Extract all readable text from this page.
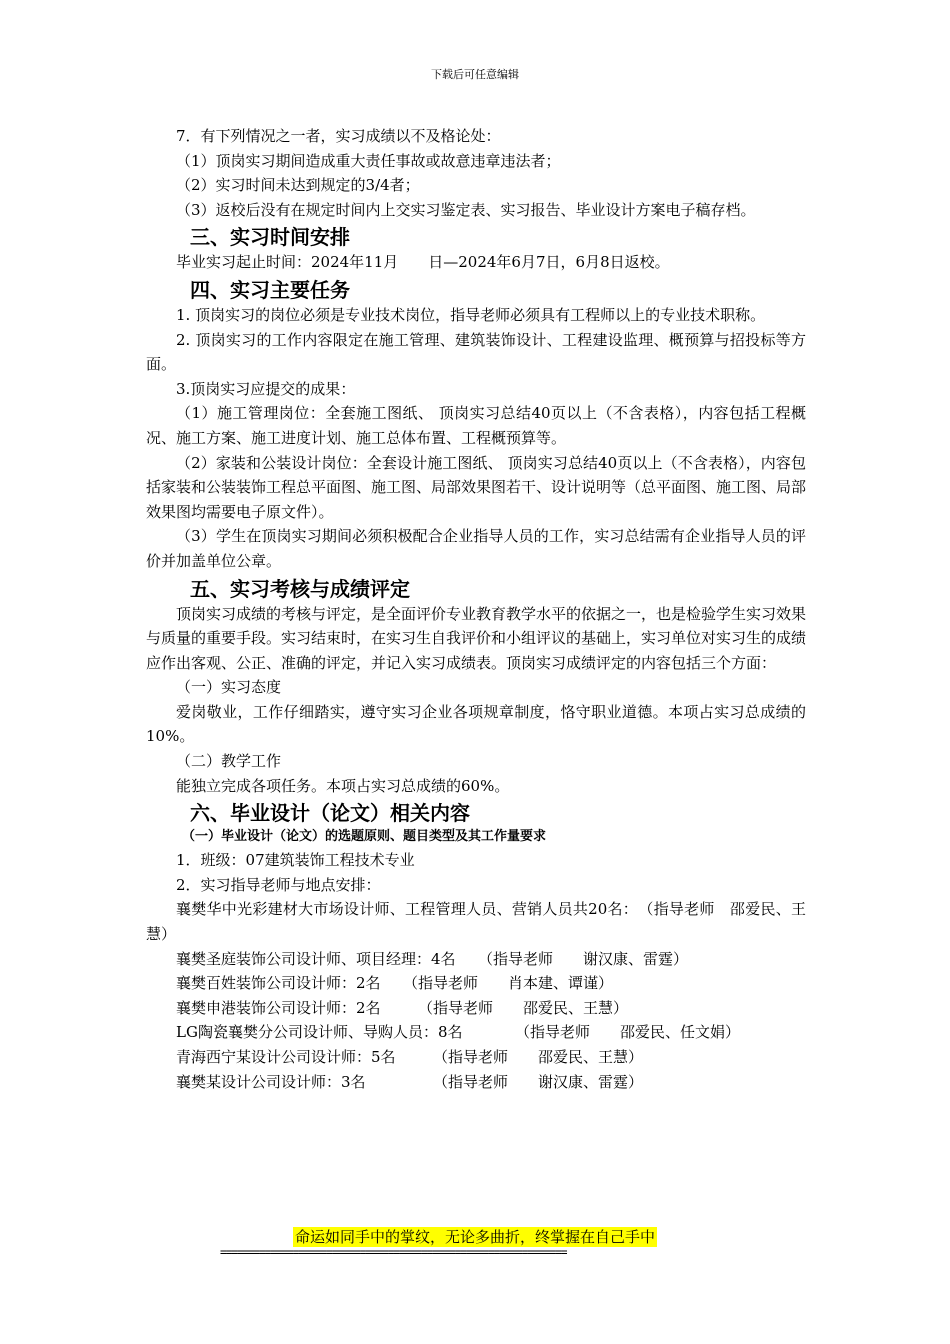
下载后可任意编辑

7．有下列情况之一者，实习成绩以不及格论处：

（1）顶岗实习期间造成重大责任事故或故意违章违法者；

（2）实习时间未达到规定的3/4者；

（3）返校后没有在规定时间内上交实习鉴定表、实习报告、毕业设计方案电子稿存档。

三、实习时间安排

毕业实习起止时间：2024年11月　　日—2024年6月7日，6月8日返校。

四、实习主要任务

1. 顶岗实习的岗位必须是专业技术岗位，指导老师必须具有工程师以上的专业技术职称。

2. 顶岗实习的工作内容限定在施工管理、建筑装饰设计、工程建设监理、概预算与招投标等方面。

3.顶岗实习应提交的成果：

（1）施工管理岗位：全套施工图纸、 顶岗实习总结40页以上（不含表格），内容包括工程概况、施工方案、施工进度计划、施工总体布置、工程概预算等。

（2）家装和公装设计岗位：全套设计施工图纸、 顶岗实习总结40页以上（不含表格），内容包括家装和公装装饰工程总平面图、施工图、局部效果图若干、设计说明等（总平面图、施工图、局部效果图均需要电子原文件）。

（3）学生在顶岗实习期间必须积极配合企业指导人员的工作，实习总结需有企业指导人员的评价并加盖单位公章。

五、实习考核与成绩评定

顶岗实习成绩的考核与评定，是全面评价专业教育教学水平的依据之一，也是检验学生实习效果与质量的重要手段。实习结束时，在实习生自我评价和小组评议的基础上，实习单位对实习生的成绩应作出客观、公正、准确的评定，并记入实习成绩表。顶岗实习成绩评定的内容包括三个方面：

（一）实习态度

爱岗敬业，工作仔细踏实，遵守实习企业各项规章制度，恪守职业道德。本项占实习总成绩的10%。

（二）教学工作

能独立完成各项任务。本项占实习总成绩的60%。

六、毕业设计（论文）相关内容
（一）毕业设计（论文）的选题原则、题目类型及其工作量要求

1．班级：07建筑装饰工程技术专业

2．实习指导老师与地点安排：

襄樊华中光彩建材大市场设计师、工程管理人员、营销人员共20名：　（指导老师　邵爱民、王慧）

襄樊圣庭装饰公司设计师、项目经理：4名　　（指导老师　　谢汉康、雷霆）

襄樊百姓装饰公司设计师：2名　　（指导老师　　肖本建、谭谨）

襄樊申港装饰公司设计师：2名　　　（指导老师　　邵爱民、王慧）

LG陶瓷襄樊分公司设计师、导购人员：8名　　　　（指导老师　　邵爱民、任文娟）

青海西宁某设计公司设计师：5名　　　（指导老师　　邵爱民、王慧）

襄樊某设计公司设计师：3名　　　　　（指导老师　　谢汉康、雷霆）

命运如同手中的掌纹，无论多曲折，终掌握在自己手中
==============================================================
